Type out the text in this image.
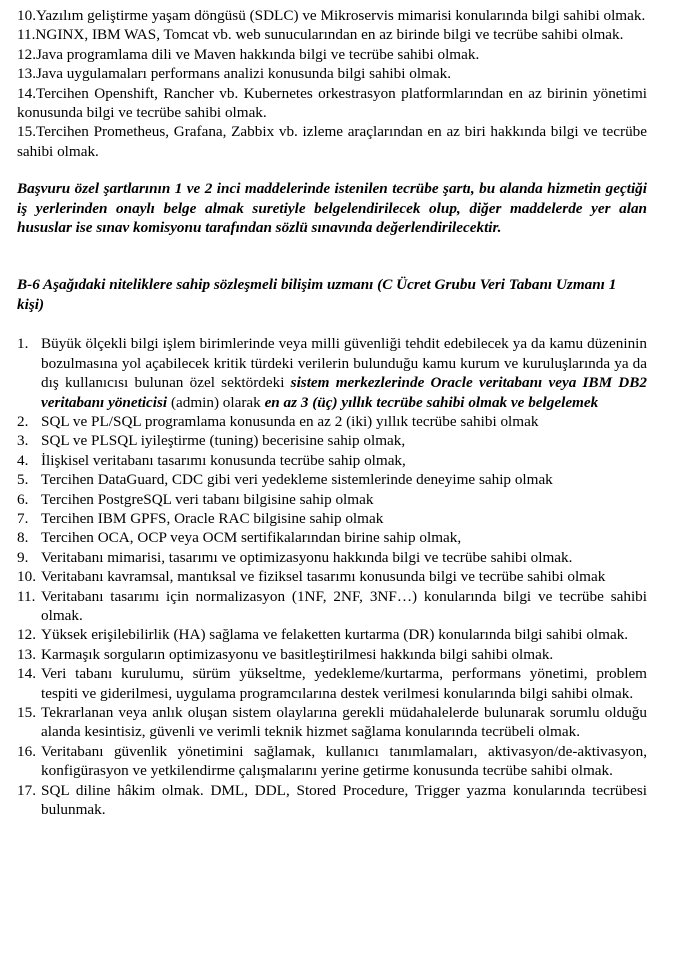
10.Yazılım geliştirme yaşam döngüsü (SDLC) ve Mikroservis mimarisi konularında bilgi sahibi olmak.
11.NGINX, IBM WAS, Tomcat vb. web sunucularından en az birinde bilgi ve tecrübe sahibi olmak.
12.Java programlama dili ve Maven hakkında bilgi ve tecrübe sahibi olmak.
13.Java uygulamaları performans analizi konusunda bilgi sahibi olmak.
14.Tercihen Openshift, Rancher vb. Kubernetes orkestrasyon platformlarından en az birinin yönetimi konusunda bilgi ve tecrübe sahibi olmak.
15.Tercihen Prometheus, Grafana, Zabbix vb. izleme araçlarından en az biri hakkında bilgi ve tecrübe sahibi olmak.
Başvuru özel şartlarının 1 ve 2 inci maddelerinde istenilen tecrübe şartı, bu alanda hizmetin geçtiği iş yerlerinden onaylı belge almak suretiyle belgelendirilecek olup, diğer maddelerde yer alan hususlar ise sınav komisyonu tarafından sözlü sınavında değerlendirilecektir.
B-6 Aşağıdaki niteliklere sahip sözleşmeli bilişim uzmanı (C Ücret Grubu Veri Tabanı Uzmanı 1 kişi)
1. Büyük ölçekli bilgi işlem birimlerinde veya milli güvenliği tehdit edebilecek ya da kamu düzeninin bozulmasına yol açabilecek kritik türdeki verilerin bulunduğu kamu kurum ve kuruluşlarında ya da dış kullanıcısı bulunan özel sektördeki sistem merkezlerinde Oracle veritabanı veya IBM DB2 veritabanı yöneticisi (admin) olarak en az 3 (üç) yıllık tecrübe sahibi olmak ve belgelemek
2. SQL ve PL/SQL programlama konusunda en az 2 (iki) yıllık tecrübe sahibi olmak
3. SQL ve PLSQL iyileştirme (tuning) becerisine sahip olmak,
4. İlişkisel veritabanı tasarımı konusunda tecrübe sahip olmak,
5. Tercihen DataGuard, CDC gibi veri yedekleme sistemlerinde deneyime sahip olmak
6. Tercihen PostgreSQL veri tabanı bilgisine sahip olmak
7. Tercihen IBM GPFS, Oracle RAC bilgisine sahip olmak
8. Tercihen OCA, OCP veya OCM sertifikalarından birine sahip olmak,
9. Veritabanı mimarisi, tasarımı ve optimizasyonu hakkında bilgi ve tecrübe sahibi olmak.
10. Veritabanı kavramsal, mantıksal ve fiziksel tasarımı konusunda bilgi ve tecrübe sahibi olmak
11. Veritabanı tasarımı için normalizasyon (1NF, 2NF, 3NF…) konularında bilgi ve tecrübe sahibi olmak.
12. Yüksek erişilebilirlik (HA) sağlama ve felaketten kurtarma (DR) konularında bilgi sahibi olmak.
13. Karmaşık sorguların optimizasyonu ve basitleştirilmesi hakkında bilgi sahibi olmak.
14. Veri tabanı kurulumu, sürüm yükseltme, yedekleme/kurtarma, performans yönetimi, problem tespiti ve giderilmesi, uygulama programcılarına destek verilmesi konularında bilgi sahibi olmak.
15. Tekrarlanan veya anlık oluşan sistem olaylarına gerekli müdahalelerde bulunarak sorumlu olduğu alanda kesintisiz, güvenli ve verimli teknik hizmet sağlama konularında tecrübeli olmak.
16. Veritabanı güvenlik yönetimini sağlamak, kullanıcı tanımlamaları, aktivasyon/de-aktivasyon, konfigürasyon ve yetkilendirme çalışmalarını yerine getirme konusunda tecrübe sahibi olmak.
17. SQL diline hâkim olmak. DML, DDL, Stored Procedure, Trigger yazma konularında tecrübesi bulunmak.
